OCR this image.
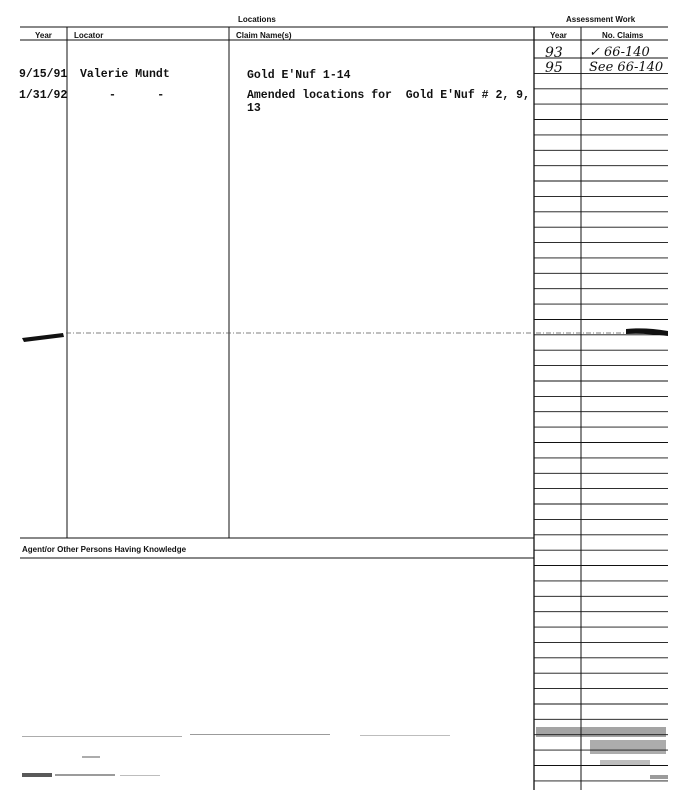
Locations	Assessment Work
Year	Locator	Claim Name(s)	Year	No. Claims
9/15/91 Valerie Mundt	Gold E'Nuf 1-14
1/31/92	-      -	Amended locations for  Gold E'Nuf # 2, 9,
13
93 ✓ 66-140
95 See 66-140
Agent/or Other Persons Having Knowledge
